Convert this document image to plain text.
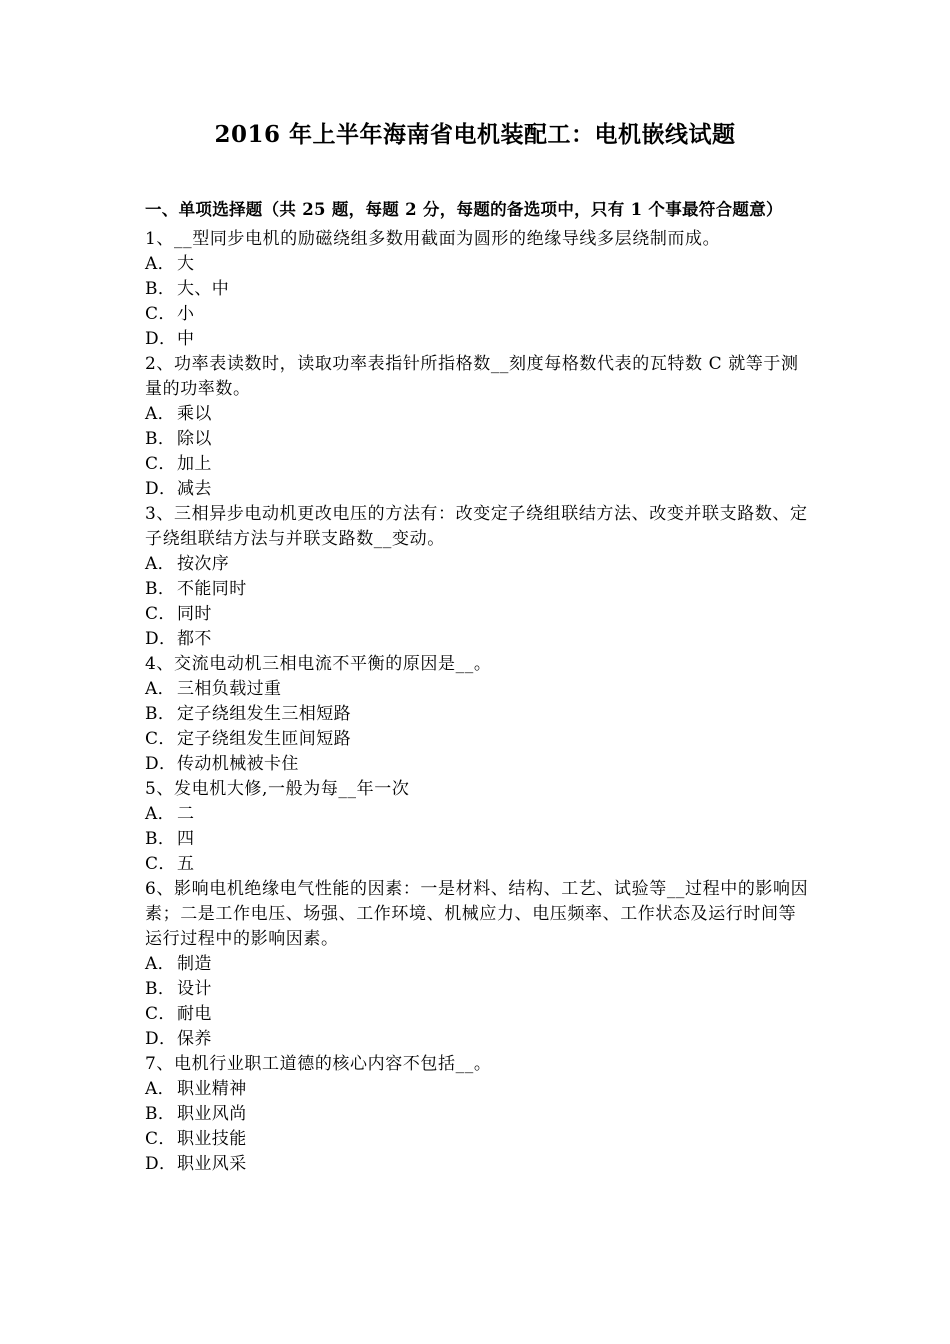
2016 年上半年海南省电机装配工：电机嵌线试题

一、单项选择题（共 25 题，每题 2 分，每题的备选项中，只有 1 个事最符合题意）

1、__型同步电机的励磁绕组多数用截面为圆形的绝缘导线多层绕制而成。

A． 大
B． 大、中
C． 小
D． 中

2、功率表读数时，读取功率表指针所指格数__刻度每格数代表的瓦特数 C 就等于测量的功率数。

A． 乘以
B． 除以
C． 加上
D． 减去

3、三相异步电动机更改电压的方法有：改变定子绕组联结方法、改变并联支路数、定子绕组联结方法与并联支路数__变动。

A． 按次序
B． 不能同时
C． 同时
D． 都不

4、交流电动机三相电流不平衡的原因是__。

A． 三相负载过重
B． 定子绕组发生三相短路
C． 定子绕组发生匝间短路
D． 传动机械被卡住

5、发电机大修,一般为每__年一次

A． 二
B． 四
C． 五

6、影响电机绝缘电气性能的因素：一是材料、结构、工艺、试验等__过程中的影响因素；二是工作电压、场强、工作环境、机械应力、电压频率、工作状态及运行时间等运行过程中的影响因素。

A． 制造
B． 设计
C． 耐电
D． 保养

7、电机行业职工道德的核心内容不包括__。

A． 职业精神
B． 职业风尚
C． 职业技能
D． 职业风采
